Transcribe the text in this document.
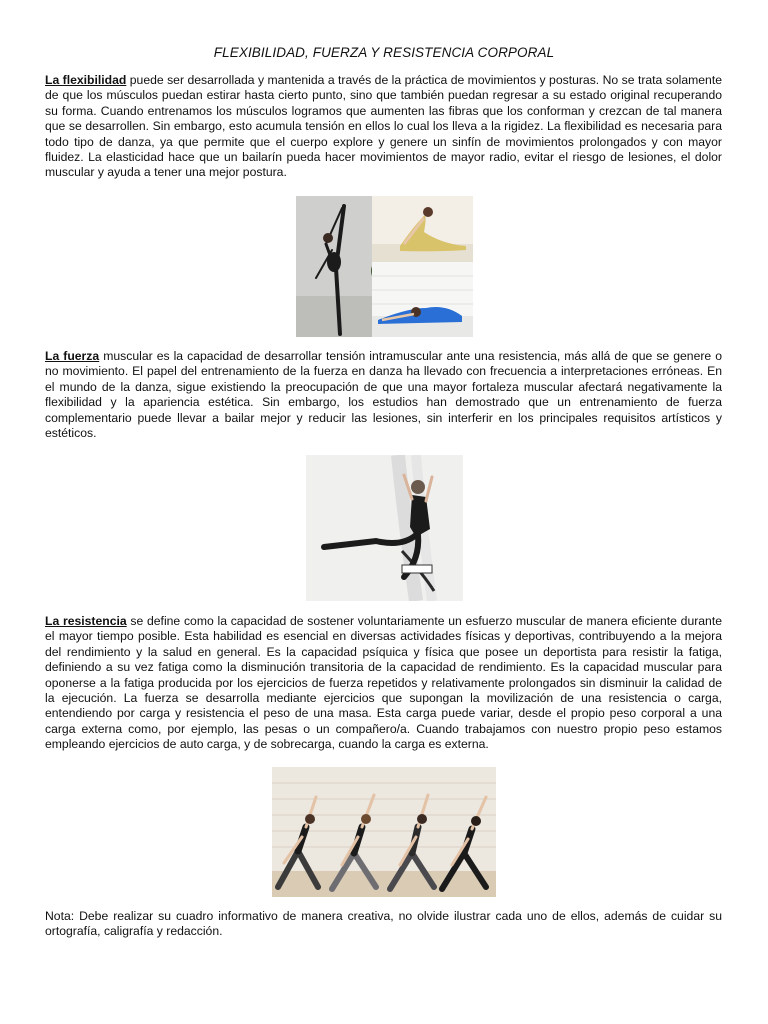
FLEXIBILIDAD, FUERZA Y RESISTENCIA CORPORAL
La flexibilidad puede ser desarrollada y mantenida a través de la práctica de movimientos y posturas. No se trata solamente de que los músculos puedan estirar hasta cierto punto, sino que también puedan regresar a su estado original recuperando su forma. Cuando entrenamos los músculos logramos que aumenten las fibras que los conforman y crezcan de tal manera que se desarrollen. Sin embargo, esto acumula tensión en ellos lo cual los lleva a la rigidez. La flexibilidad es necesaria para todo tipo de danza, ya que permite que el cuerpo explore y genere un sinfín de movimientos prolongados y con mayor fluidez. La elasticidad hace que un bailarín pueda hacer movimientos de mayor radio, evitar el riesgo de lesiones, el dolor muscular y ayuda a tener una mejor postura.
La fuerza muscular es la capacidad de desarrollar tensión intramuscular ante una resistencia, más allá de que se genere o no movimiento. El papel del entrenamiento de la fuerza en danza ha llevado con frecuencia a interpretaciones erróneas. En el mundo de la danza, sigue existiendo la preocupación de que una mayor fortaleza muscular afectará negativamente la flexibilidad y la apariencia estética. Sin embargo, los estudios han demostrado que un entrenamiento de fuerza complementario puede llevar a bailar mejor y reducir las lesiones, sin interferir en los principales requisitos artísticos y estéticos.
La resistencia se define como la capacidad de sostener voluntariamente un esfuerzo muscular de manera eficiente durante el mayor tiempo posible. Esta habilidad es esencial en diversas actividades físicas y deportivas, contribuyendo a la mejora del rendimiento y la salud en general. Es la capacidad psíquica y física que posee un deportista para resistir la fatiga, definiendo a su vez fatiga como la disminución transitoria de la capacidad de rendimiento. Es la capacidad muscular para oponerse a la fatiga producida por los ejercicios de fuerza repetidos y relativamente prolongados sin disminuir la calidad de la ejecución. La fuerza se desarrolla mediante ejercicios que supongan la movilización de una resistencia o carga, entendiendo por carga y resistencia el peso de una masa. Esta carga puede variar, desde el propio peso corporal a una carga externa como, por ejemplo, las pesas o un compañero/a. Cuando trabajamos con nuestro propio peso estamos empleando ejercicios de auto carga, y de sobrecarga, cuando la carga es externa.
Nota: Debe realizar su cuadro informativo de manera creativa, no olvide ilustrar cada uno de ellos, además de cuidar su ortografía, caligrafía y redacción.
